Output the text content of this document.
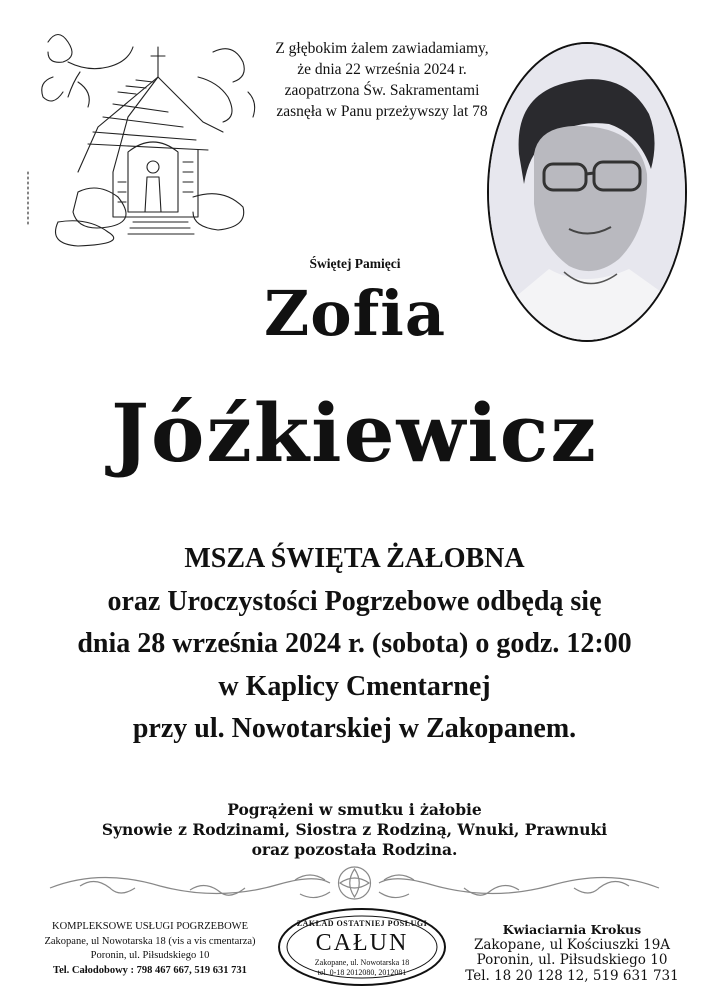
Z głębokim żalem zawiadamiamy,
że dnia 22 września 2024 r.
zaopatrzona Św. Sakramentami
zasnęła w Panu przeżywszy lat 78
Świętej Pamięci
Zofia
Jóźkiewicz
MSZA ŚWIĘTA ŻAŁOBNA
oraz Uroczystości Pogrzebowe odbędą się
dnia 28 września 2024 r. (sobota) o godz. 12:00
w Kaplicy Cmentarnej
przy ul. Nowotarskiej w Zakopanem.
Pogrążeni w smutku i żałobie
Synowie z Rodzinami, Siostra z Rodziną, Wnuki, Prawnuki
oraz pozostała Rodzina.
KOMPLEKSOWE USŁUGI POGRZEBOWE
Zakopane, ul Nowotarska 18 (vis a vis cmentarza)
Poronin, ul. Piłsudskiego 10
Tel. Całodobowy : 798 467 667, 519 631 731
ZAKŁAD OSTATNIEJ POSŁUGI
CAŁUN
Zakopane, ul. Nowotarska 18
tel. 0-18 2012080, 2012081
Kwiaciarnia Krokus
Zakopane, ul Kościuszki 19A
Poronin, ul. Piłsudskiego 10
Tel. 18 20 128 12, 519 631 731
